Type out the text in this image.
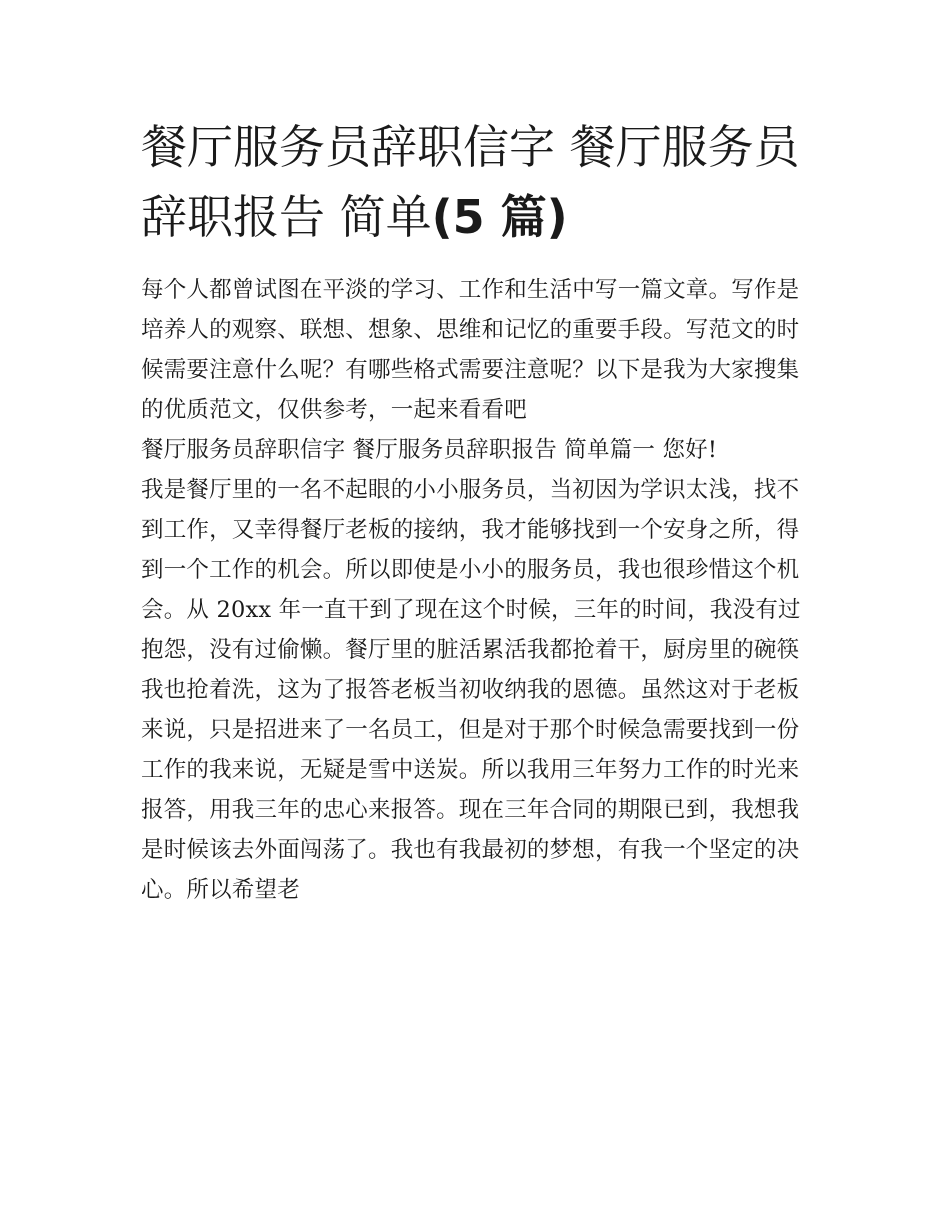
餐厅服务员辞职信字 餐厅服务员辞职报告 简单(5 篇)

每个人都曾试图在平淡的学习、工作和生活中写一篇文章。写作是培养人的观察、联想、想象、思维和记忆的重要手段。写范文的时候需要注意什么呢？有哪些格式需要注意呢？以下是我为大家搜集的优质范文，仅供参考，一起来看看吧

餐厅服务员辞职信字 餐厅服务员辞职报告 简单篇一 您好!

我是餐厅里的一名不起眼的小小服务员，当初因为学识太浅，找不到工作，又幸得餐厅老板的接纳，我才能够找到一个安身之所，得到一个工作的机会。所以即使是小小的服务员，我也很珍惜这个机会。从 20xx 年一直干到了现在这个时候，三年的时间，我没有过抱怨，没有过偷懒。餐厅里的脏活累活我都抢着干，厨房里的碗筷我也抢着洗，这为了报答老板当初收纳我的恩德。虽然这对于老板来说，只是招进来了一名员工，但是对于那个时候急需要找到一份工作的我来说，无疑是雪中送炭。所以我用三年努力工作的时光来报答，用我三年的忠心来报答。现在三年合同的期限已到，我想我是时候该去外面闯荡了。我也有我最初的梦想，有我一个坚定的决心。所以希望老
